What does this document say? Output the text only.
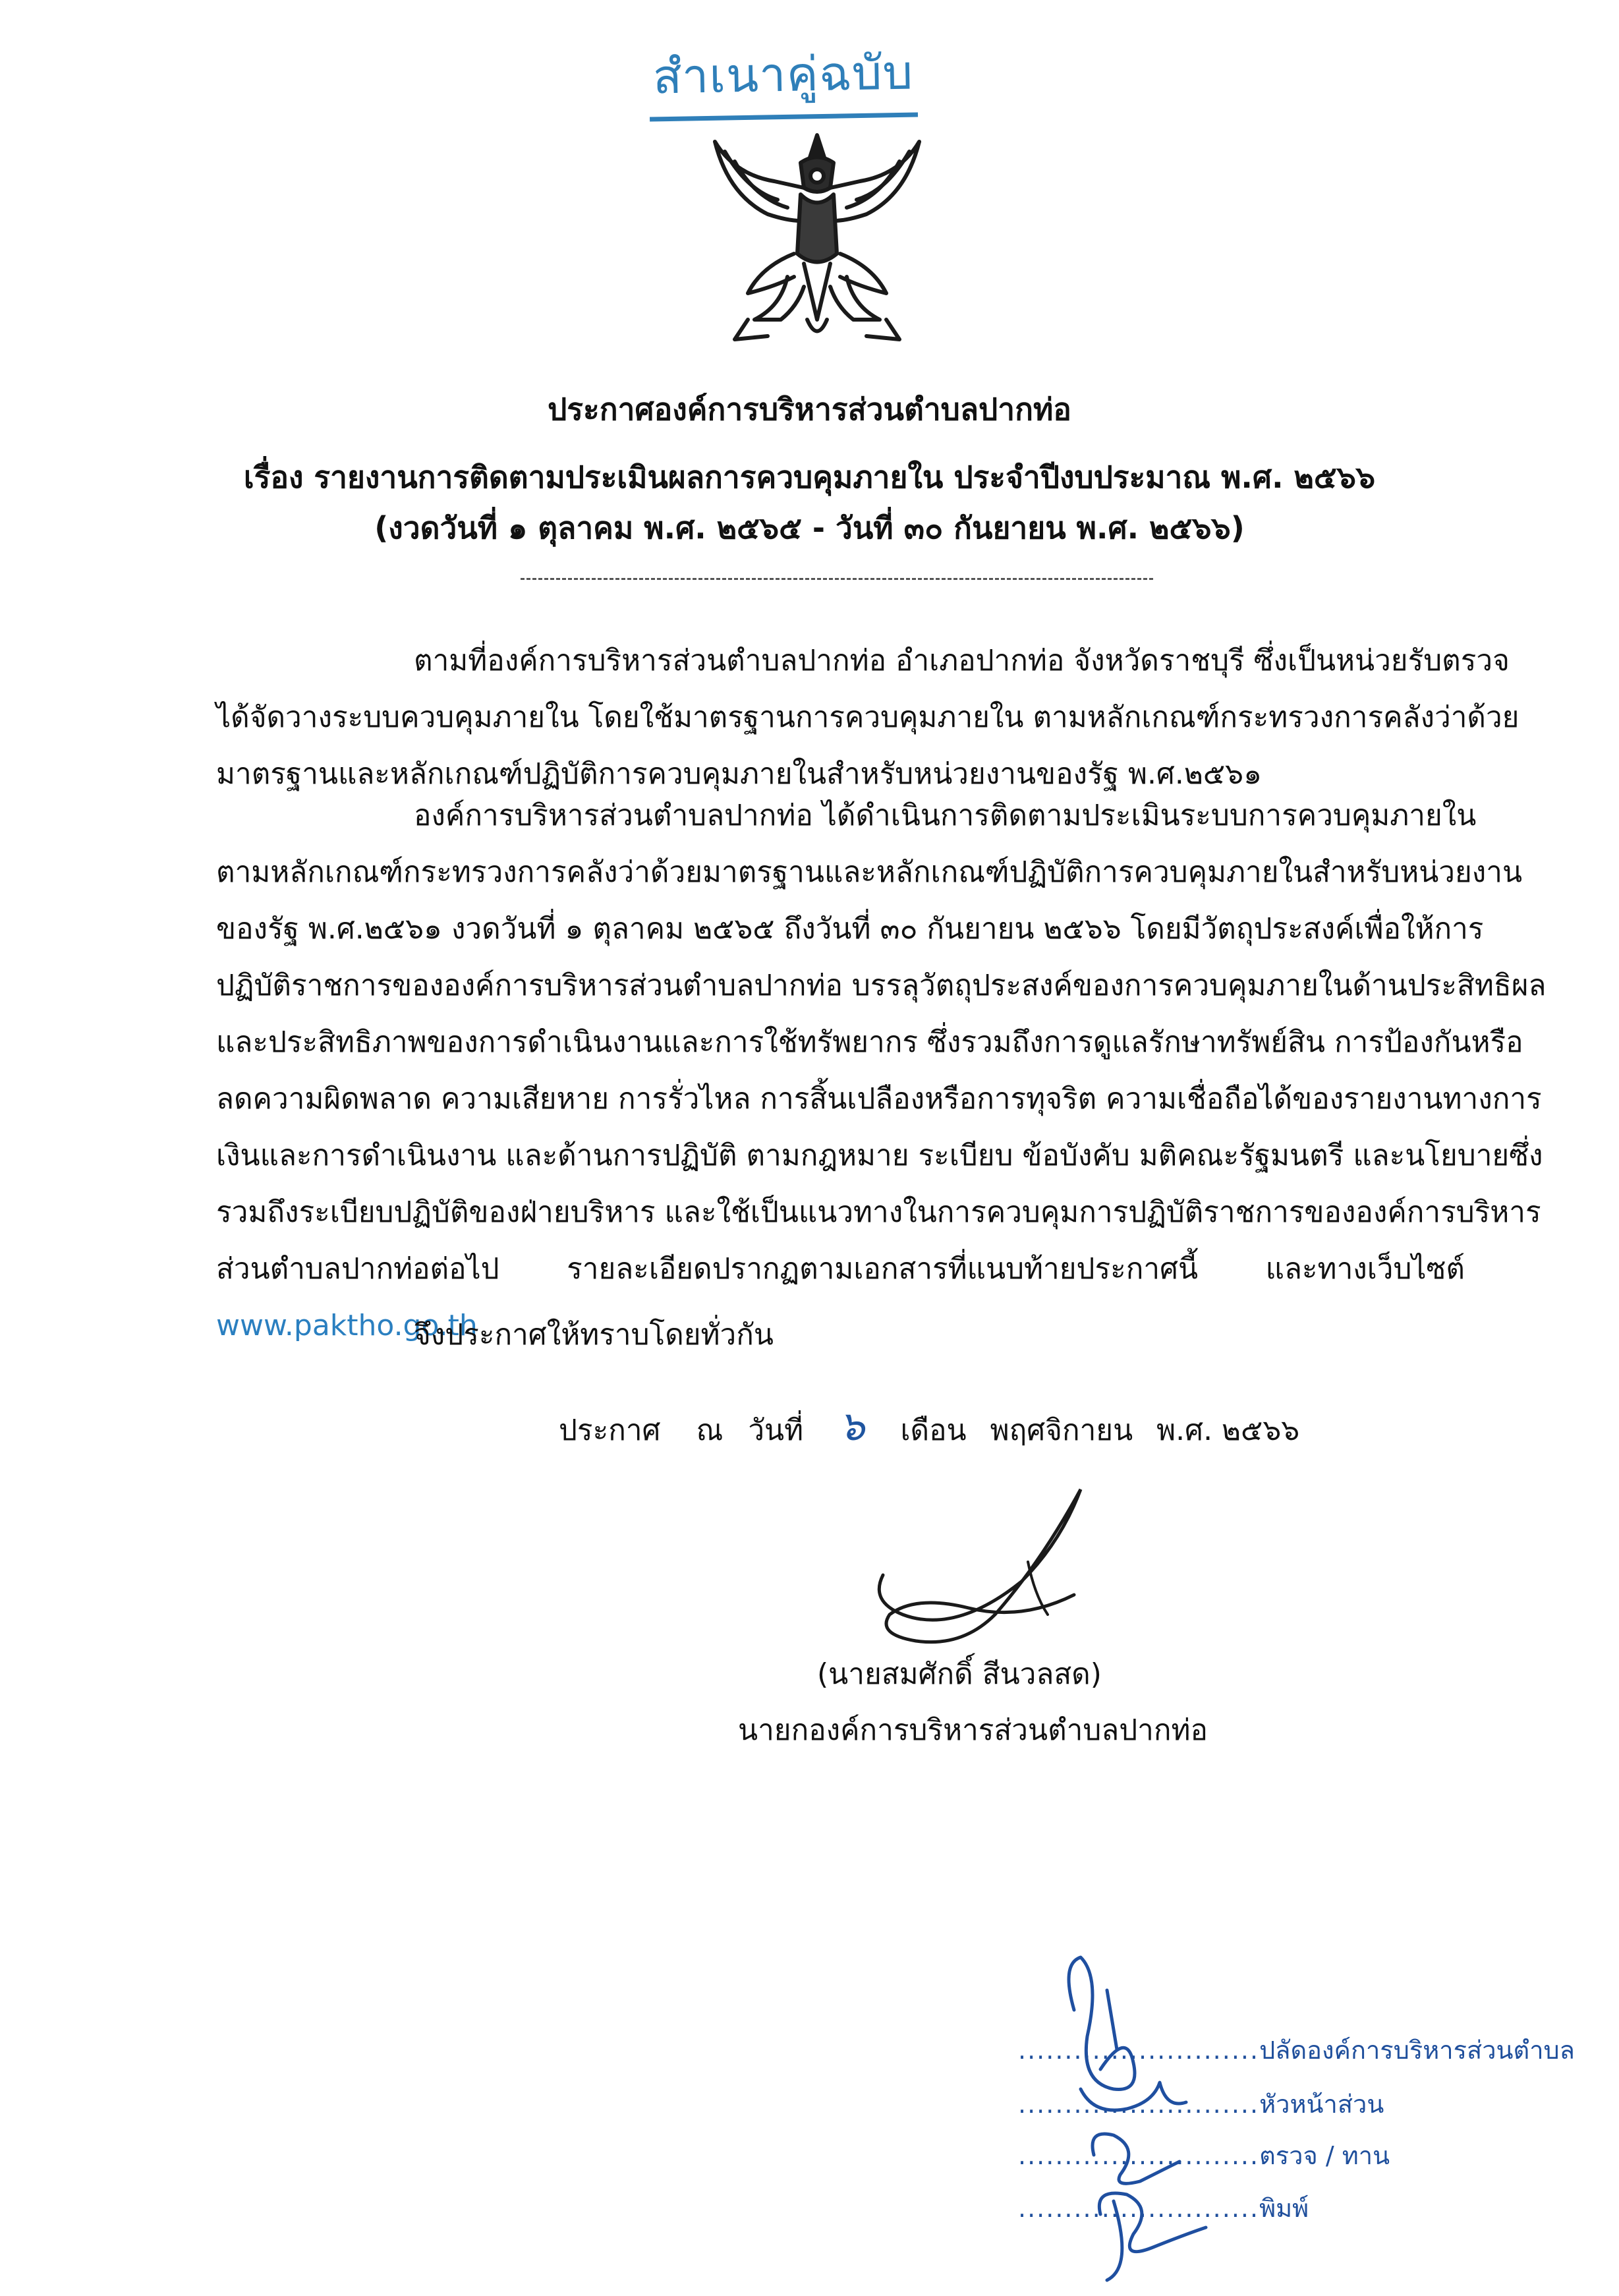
สำเนาคู่ฉบับ
ประกาศองค์การบริหารส่วนตำบลปากท่อ
เรื่อง รายงานการติดตามประเมินผลการควบคุมภายใน ประจำปีงบประมาณ พ.ศ. ๒๕๖๖
(งวดวันที่ ๑ ตุลาคม พ.ศ. ๒๕๖๕ - วันที่ ๓๐ กันยายน พ.ศ. ๒๕๖๖)
ตามที่องค์การบริหารส่วนตำบลปากท่อ อำเภอปากท่อ จังหวัดราชบุรี ซึ่งเป็นหน่วยรับตรวจ
ได้จัดวางระบบควบคุมภายใน โดยใช้มาตรฐานการควบคุมภายใน ตามหลักเกณฑ์กระทรวงการคลังว่าด้วย
มาตรฐานและหลักเกณฑ์ปฏิบัติการควบคุมภายในสำหรับหน่วยงานของรัฐ พ.ศ.๒๕๖๑
องค์การบริหารส่วนตำบลปากท่อ ได้ดำเนินการติดตามประเมินระบบการควบคุมภายใน
ตามหลักเกณฑ์กระทรวงการคลังว่าด้วยมาตรฐานและหลักเกณฑ์ปฏิบัติการควบคุมภายในสำหรับหน่วยงาน
ของรัฐ พ.ศ.๒๕๖๑ งวดวันที่ ๑ ตุลาคม ๒๕๖๕ ถึงวันที่ ๓๐ กันยายน ๒๕๖๖ โดยมีวัตถุประสงค์เพื่อให้การ
ปฏิบัติราชการขององค์การบริหารส่วนตำบลปากท่อ บรรลุวัตถุประสงค์ของการควบคุมภายในด้านประสิทธิผล
และประสิทธิภาพของการดำเนินงานและการใช้ทรัพยากร ซึ่งรวมถึงการดูแลรักษาทรัพย์สิน การป้องกันหรือ
ลดความผิดพลาด ความเสียหาย การรั่วไหล การสิ้นเปลืองหรือการทุจริต ความเชื่อถือได้ของรายงานทางการ
เงินและการดำเนินงาน และด้านการปฏิบัติ ตามกฎหมาย ระเบียบ ข้อบังคับ มติคณะรัฐมนตรี และนโยบายซึ่ง
รวมถึงระเบียบปฏิบัติของฝ่ายบริหาร และใช้เป็นแนวทางในการควบคุมการปฏิบัติราชการขององค์การบริหาร
ส่วนตำบลปากท่อต่อไป รายละเอียดปรากฏตามเอกสารที่แนบท้ายประกาศนี้ และทางเว็บไซต์
www.paktho.go.th
จึงประกาศให้ทราบโดยทั่วกัน
ประกาศ ณ วันที่ ๖ เดือน พฤศจิกายน พ.ศ. ๒๕๖๖
(นายสมศักดิ์ สีนวลสด)
นายกองค์การบริหารส่วนตำบลปากท่อ
..........................ปลัดองค์การบริหารส่วนตำบล
..........................หัวหน้าส่วน
..........................ตรวจ / ทาน
..........................พิมพ์
